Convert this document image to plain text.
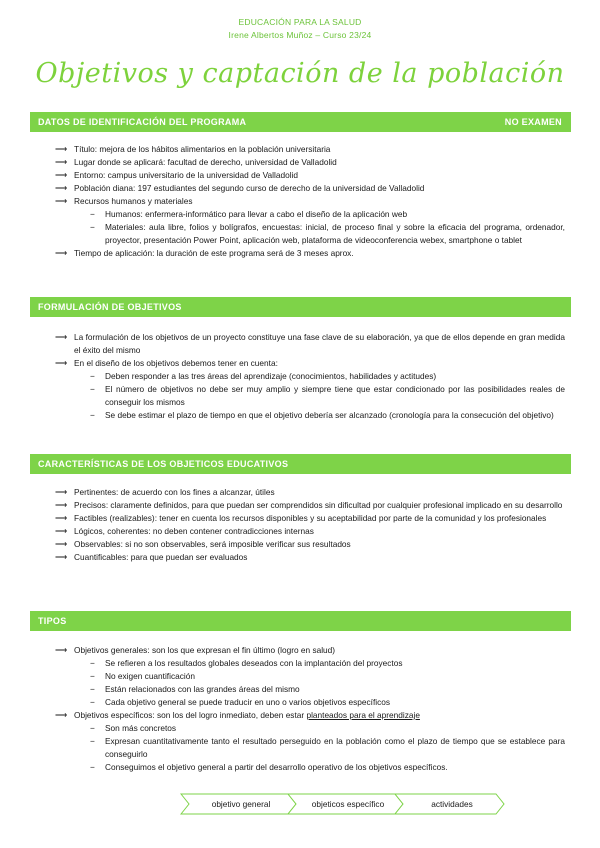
EDUCACIÓN PARA LA SALUD
Irene Albertos Muñoz – Curso 23/24
Objetivos y captación de la población
DATOS DE IDENTIFICACIÓN DEL PROGRAMA	NO EXAMEN
⟶ Título: mejora de los hábitos alimentarios en la población universitaria
⟶ Lugar donde se aplicará: facultad de derecho, universidad de Valladolid
⟶ Entorno: campus universitario de la universidad de Valladolid
⟶ Población diana: 197 estudiantes del segundo curso de derecho de la universidad de Valladolid
⟶ Recursos humanos y materiales
− Humanos: enfermera-informático para llevar a cabo el diseño de la aplicación web
− Materiales: aula libre, folios y bolígrafos, encuestas: inicial, de proceso final y sobre la eficacia del programa, ordenador, proyector, presentación Power Point, aplicación web, plataforma de videoconferencia webex, smartphone o tablet
⟶ Tiempo de aplicación: la duración de este programa será de 3 meses aprox.
FORMULACIÓN DE OBJETIVOS
⟶ La formulación de los objetivos de un proyecto constituye una fase clave de su elaboración, ya que de ellos depende en gran medida el éxito del mismo
⟶ En el diseño de los objetivos debemos tener en cuenta:
− Deben responder a las tres áreas del aprendizaje (conocimientos, habilidades y actitudes)
− El número de objetivos no debe ser muy amplio y siempre tiene que estar condicionado por las posibilidades reales de conseguir los mismos
− Se debe estimar el plazo de tiempo en que el objetivo debería ser alcanzado (cronología para la consecución del objetivo)
CARACTERÍSTICAS DE LOS OBJETICOS EDUCATIVOS
⟶ Pertinentes: de acuerdo con los fines a alcanzar, útiles
⟶ Precisos: claramente definidos, para que puedan ser comprendidos sin dificultad por cualquier profesional implicado en su desarrollo
⟶ Factibles (realizables): tener en cuenta los recursos disponibles y su aceptabilidad por parte de la comunidad y los profesionales
⟶ Lógicos, coherentes: no deben contener contradicciones internas
⟶ Observables: si no son observables, será imposible verificar sus resultados
⟶ Cuantificables: para que puedan ser evaluados
TIPOS
⟶ Objetivos generales: son los que expresan el fin último (logro en salud)
− Se refieren a los resultados globales deseados con la implantación del proyectos
− No exigen cuantificación
− Están relacionados con las grandes áreas del mismo
− Cada objetivo general se puede traducir en uno o varios objetivos específicos
⟶ Objetivos específicos: son los del logro inmediato, deben estar planteados para el aprendizaje
− Son más concretos
− Expresan cuantitativamente tanto el resultado perseguido en la población como el plazo de tiempo que se establece para conseguirlo
− Conseguimos el objetivo general a partir del desarrollo operativo de los objetivos específicos.
objetivo general	objeticos específico	actividades
